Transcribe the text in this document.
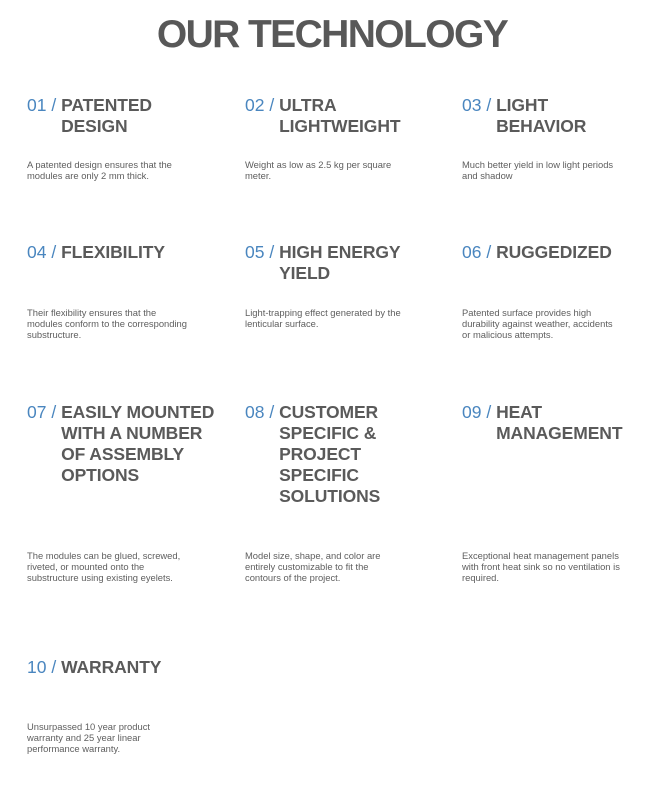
OUR TECHNOLOGY
01 / PATENTED DESIGN

A patented design ensures that the modules are only 2 mm thick.

02 / ULTRA LIGHTWEIGHT

Weight as low as 2.5 kg per square meter.

03 / LIGHT BEHAVIOR

Much better yield in low light periods and shadow

04 / FLEXIBILITY

Their flexibility ensures that the modules conform to the corresponding substructure.

05 / HIGH ENERGY YIELD

Light-trapping effect generated by the lenticular surface.

06 / RUGGEDIZED

Patented surface provides high durability against weather, accidents or malicious attempts.

07 / EASILY MOUNTED WITH A NUMBER OF ASSEMBLY OPTIONS

The modules can be glued, screwed, riveted, or mounted onto the substructure using existing eyelets.

08 / CUSTOMER SPECIFIC & PROJECT SPECIFIC SOLUTIONS

Model size, shape, and color are entirely customizable to fit the contours of the project.

09 / HEAT MANAGEMENT

Exceptional heat management panels with front heat sink so no ventilation is required.

10 / WARRANTY

Unsurpassed 10 year product warranty and 25 year linear performance warranty.
